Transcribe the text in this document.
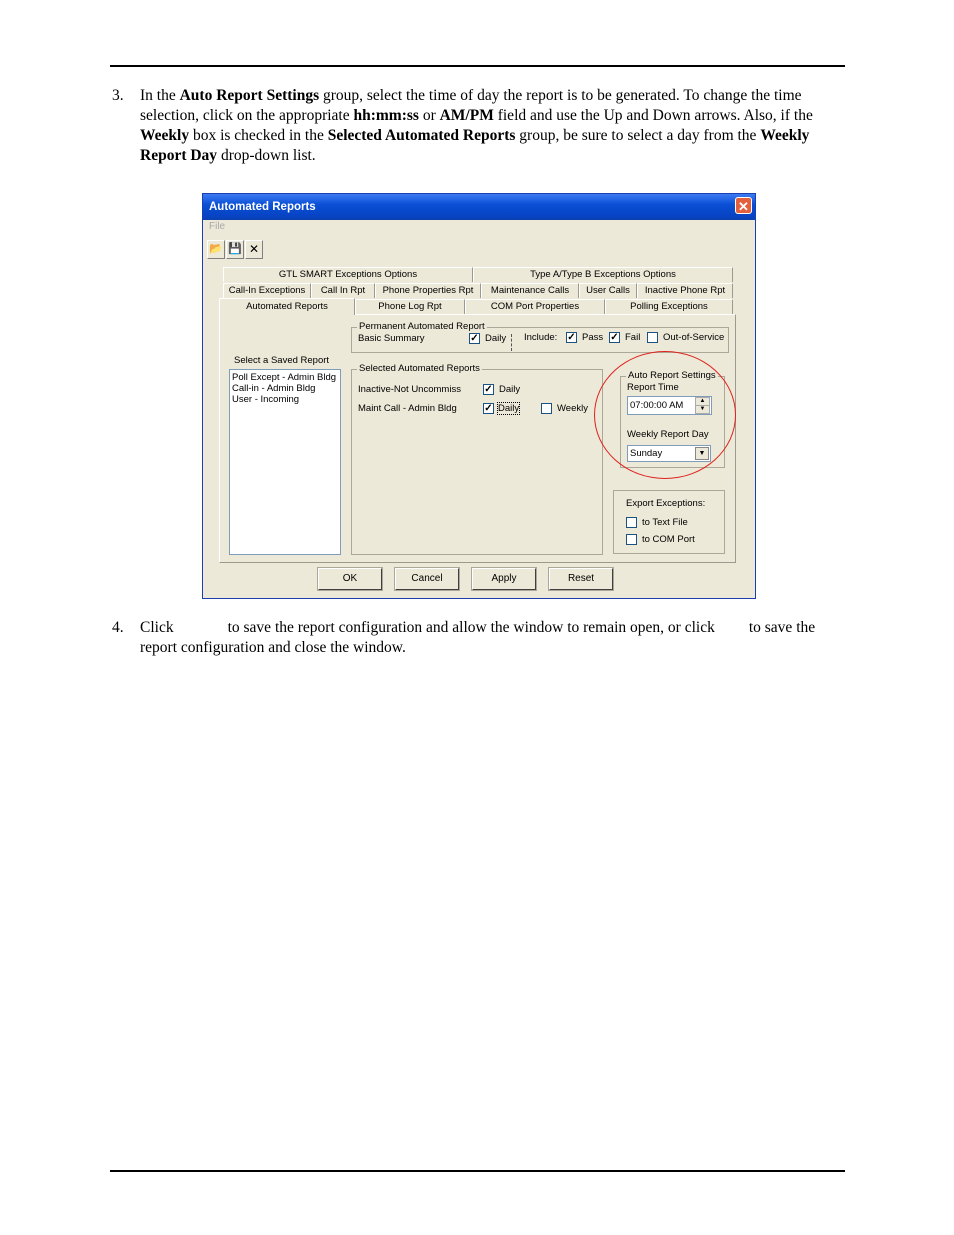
3. In the Auto Report Settings group, select the time of day the report is to be generated. To change the time selection, click on the appropriate hh:mm:ss or AM/PM field and use the Up and Down arrows. Also, if the Weekly box is checked in the Selected Automated Reports group, be sure to select a day from the Weekly Report Day drop-down list.
Automated Reports	✕
File
📂 💾 ✕
GTL SMART Exceptions Options	Type A/Type B Exceptions Options
Call-In Exceptions	Call In Rpt	Phone Properties Rpt	Maintenance Calls	User Calls	Inactive Phone Rpt
Automated Reports	Phone Log Rpt	COM Port Properties	Polling Exceptions
Select a Saved Report
Poll Except - Admin Bldg
Call-in - Admin Bldg
User - Incoming
Permanent Automated Report
Basic Summary	✓ Daily Include: ✓ Pass ✓ Fail Out-of-Service
Selected Automated Reports
Inactive-Not Uncommiss ✓ Daily
Maint Call - Admin Bldg	✓ Daily	Weekly
Auto Report Settings
Report Time
07:00:00 AM	▲
▼
Weekly Report Day
Sunday	▼
Export Exceptions:
to Text File
to COM Port
OK	Cancel	Apply	Reset
4. Click	to save the report configuration and allow the window to remain open, or click to save the report configuration and close the window.
